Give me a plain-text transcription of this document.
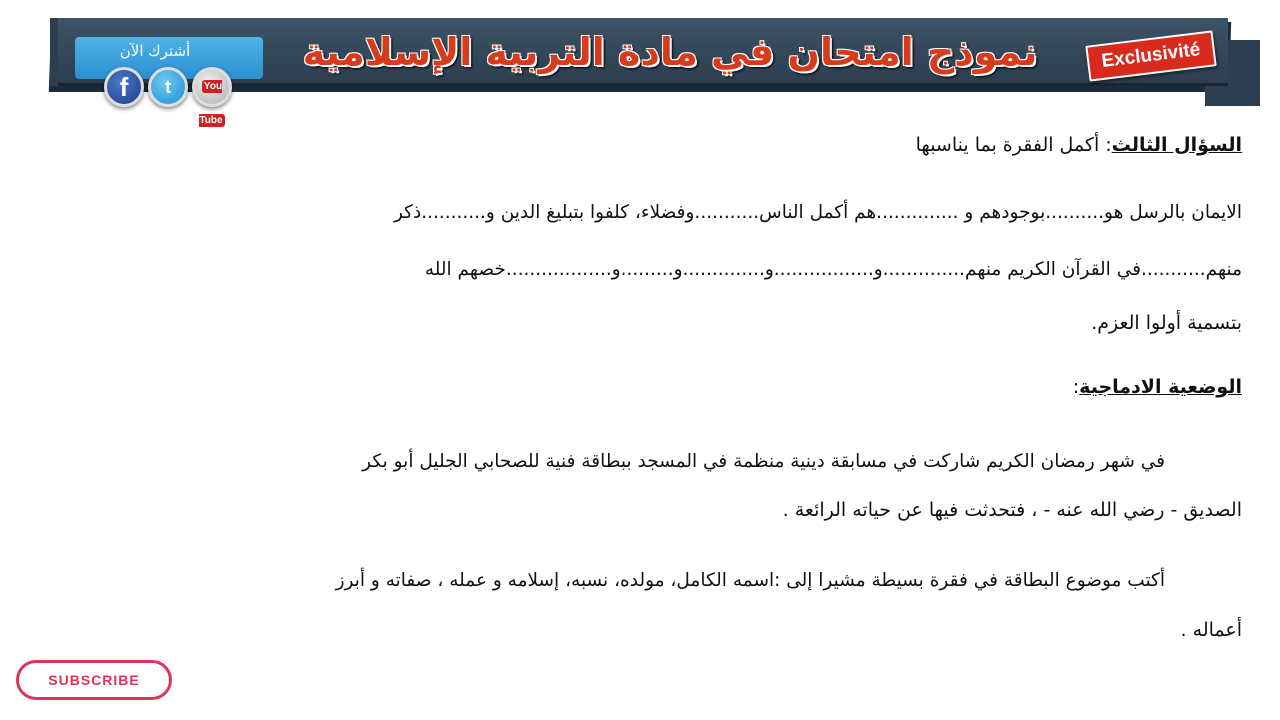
نموذج امتحان في مادة التربية الإسلامية	Exclusivité
أشترك الآن
f	t	You Tube
السؤال الثالث: أكمل الفقرة بما يناسبها
الايمان بالرسل هو..........بوجودهم و ..............هم أكمل الناس...........وفضلاء، كلفوا بتبليغ الدين و...........ذكر
منهم...........في القرآن الكريم منهم..............و.................و..............و.........و..................خصهم الله
بتسمية أولوا العزم.
الوضعية الادماجية:
في شهر رمضان الكريم شاركت في مسابقة دينية منظمة في المسجد ببطاقة فنية للصحابي الجليل أبو بكر
الصديق - رضي الله عنه - ، فتحدثت فيها عن حياته الرائعة .
أكتب موضوع البطاقة في فقرة بسيطة مشيرا إلى :اسمه الكامل، مولده، نسبه، إسلامه و عمله ، صفاته و أبرز
أعماله .
SUBSCRIBE
